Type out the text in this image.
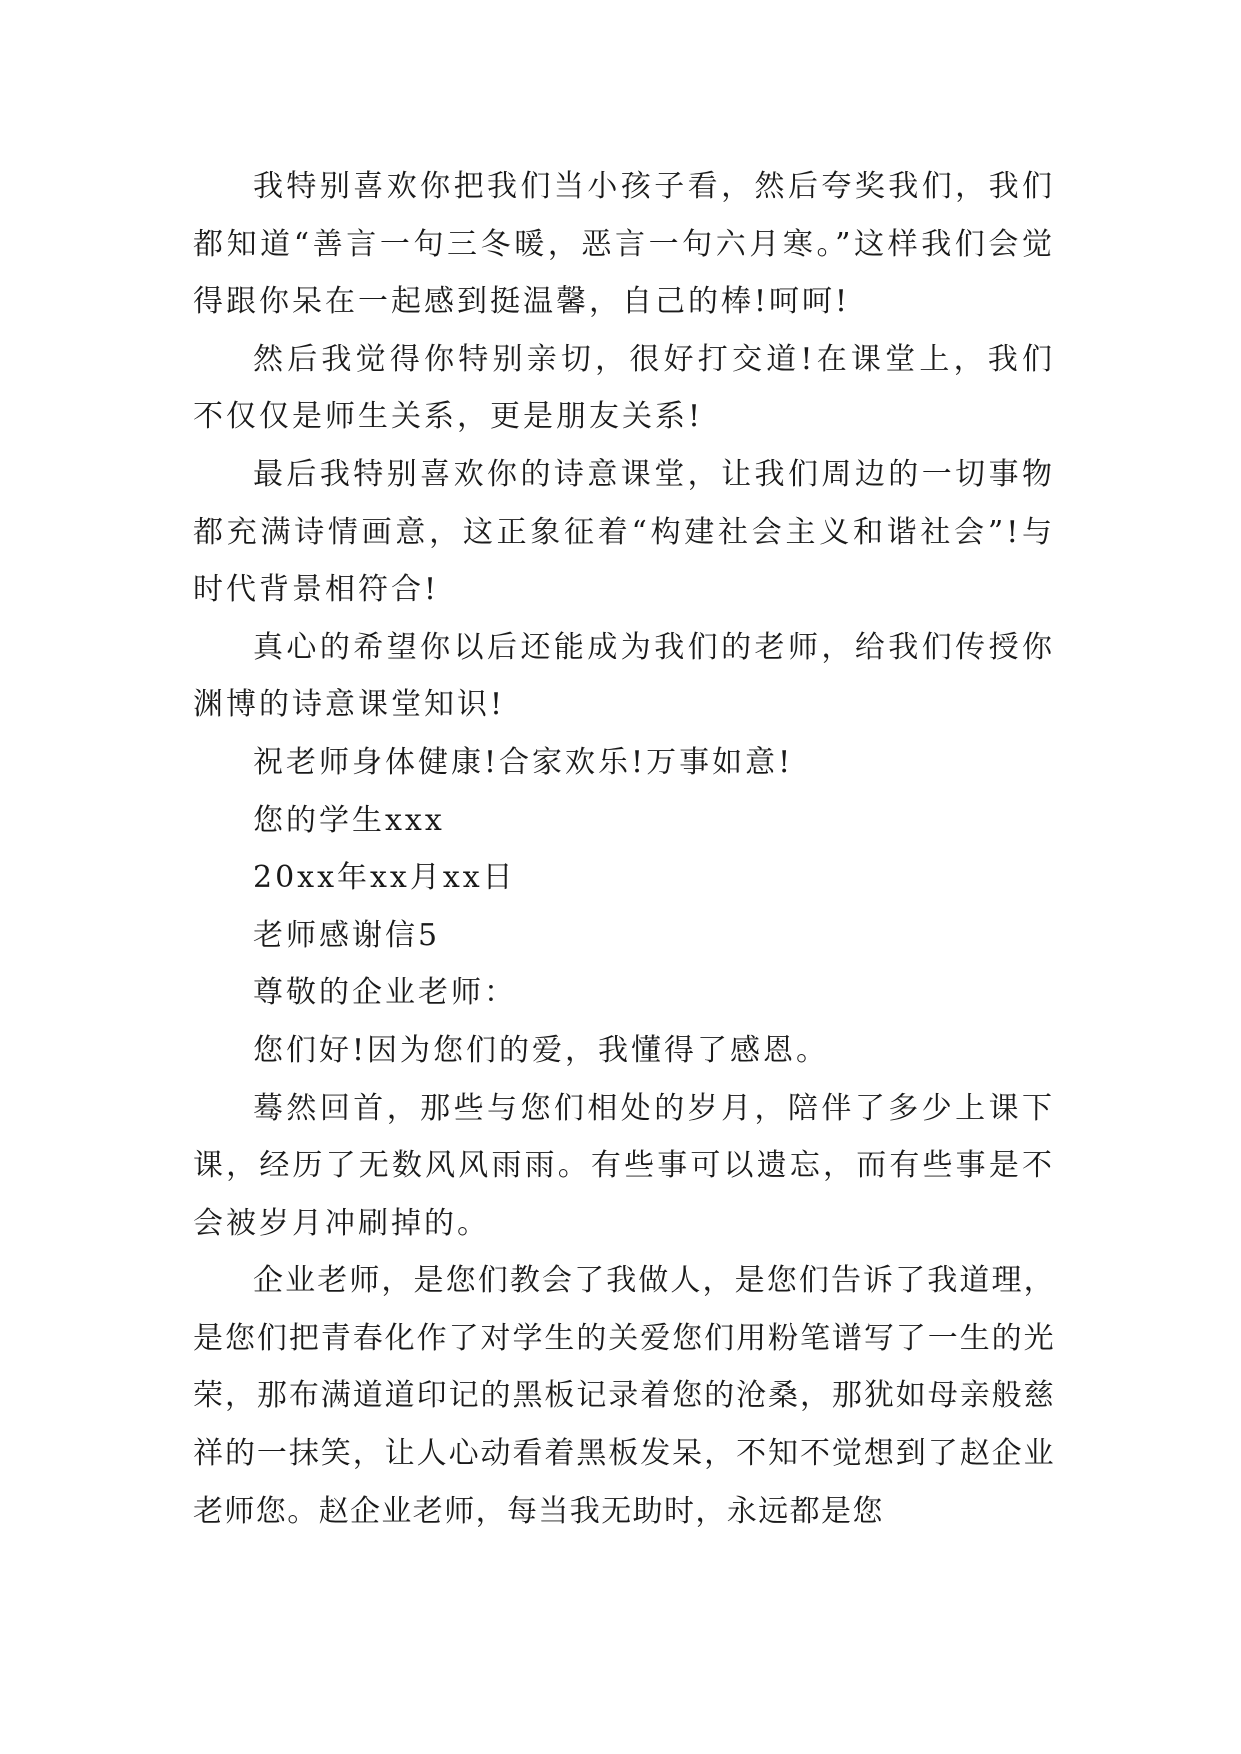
我特别喜欢你把我们当小孩子看，然后夸奖我们，我们都知道“善言一句三冬暖，恶言一句六月寒。”这样我们会觉得跟你呆在一起感到挺温馨，自己的棒!呵呵!

然后我觉得你特别亲切，很好打交道!在课堂上，我们不仅仅是师生关系，更是朋友关系!

最后我特别喜欢你的诗意课堂，让我们周边的一切事物都充满诗情画意，这正象征着“构建社会主义和谐社会”!与时代背景相符合!

真心的希望你以后还能成为我们的老师，给我们传授你渊博的诗意课堂知识!

祝老师身体健康!合家欢乐!万事如意!

您的学生xxx

20xx年xx月xx日

老师感谢信5

尊敬的企业老师：

您们好!因为您们的爱，我懂得了感恩。

蓦然回首，那些与您们相处的岁月，陪伴了多少上课下课，经历了无数风风雨雨。有些事可以遗忘，而有些事是不会被岁月冲刷掉的。

企业老师，是您们教会了我做人，是您们告诉了我道理，是您们把青春化作了对学生的关爱您们用粉笔谱写了一生的光荣，那布满道道印记的黑板记录着您的沧桑，那犹如母亲般慈祥的一抹笑，让人心动看着黑板发呆，不知不觉想到了赵企业老师您。赵企业老师，每当我无助时，永远都是您
